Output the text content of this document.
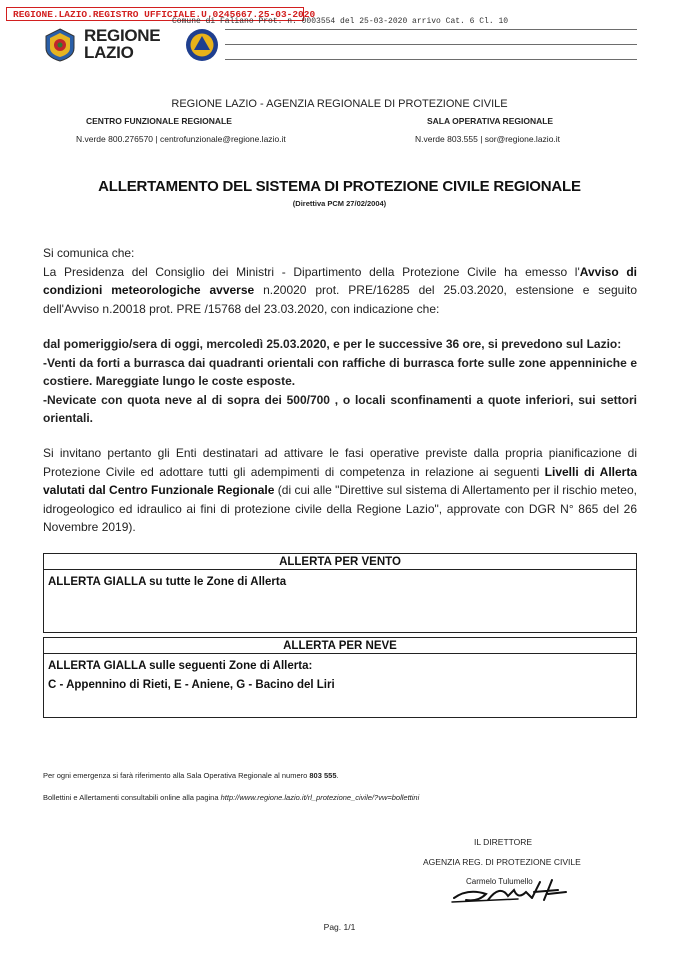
REGIONE.LAZIO.REGISTRO UFFICIALE.U.0245667.25-03-2020
Comune di Faliano Prot. n. 0003554 del 25-03-2020 arrivo Cat. 6 Cl. 10
REGIONE
LAZIO
REGIONE LAZIO - AGENZIA REGIONALE DI PROTEZIONE CIVILE
CENTRO FUNZIONALE REGIONALE	SALA OPERATIVA REGIONALE
N.verde 800.276570 | centrofunzionale@regione.lazio.it	N.verde 803.555 | sor@regione.lazio.it
ALLERTAMENTO DEL SISTEMA DI PROTEZIONE CIVILE REGIONALE
(Direttiva PCM 27/02/2004)
Si comunica che:
La Presidenza del Consiglio dei Ministri - Dipartimento della Protezione Civile ha emesso l'Avviso di condizioni meteorologiche avverse n.20020 prot. PRE/16285 del 25.03.2020, estensione e seguito dell'Avviso n.20018 prot. PRE /15768 del 23.03.2020, con indicazione che:
dal pomeriggio/sera di oggi, mercoledì 25.03.2020, e per le successive 36 ore, si prevedono sul Lazio:
-Venti da forti a burrasca dai quadranti orientali con raffiche di burrasca forte sulle zone appenniniche e costiere. Mareggiate lungo le coste esposte.
-Nevicate con quota neve al di sopra dei 500/700 , o locali sconfinamenti a quote inferiori, sui settori orientali.
Si invitano pertanto gli Enti destinatari ad attivare le fasi operative previste dalla propria pianificazione di Protezione Civile ed adottare tutti gli adempimenti di competenza in relazione ai seguenti Livelli di Allerta valutati dal Centro Funzionale Regionale (di cui alle "Direttive sul sistema di Allertamento per il rischio meteo, idrogeologico ed idraulico ai fini di protezione civile della Regione Lazio", approvate con DGR N° 865 del 26 Novembre 2019).
ALLERTA PER VENTO
ALLERTA GIALLA su tutte le Zone di Allerta
ALLERTA PER NEVE
ALLERTA GIALLA sulle seguenti Zone di Allerta:
C - Appennino di Rieti, E - Aniene, G - Bacino del Liri
Per ogni emergenza si farà riferimento alla Sala Operativa Regionale al numero 803 555.
Bollettini e Allertamenti consultabili online alla pagina http://www.regione.lazio.it/rl_protezione_civile/?vw=bollettini
IL DIRETTORE
AGENZIA REG. DI PROTEZIONE CIVILE
Carmelo Tulumello
Pag. 1/1
